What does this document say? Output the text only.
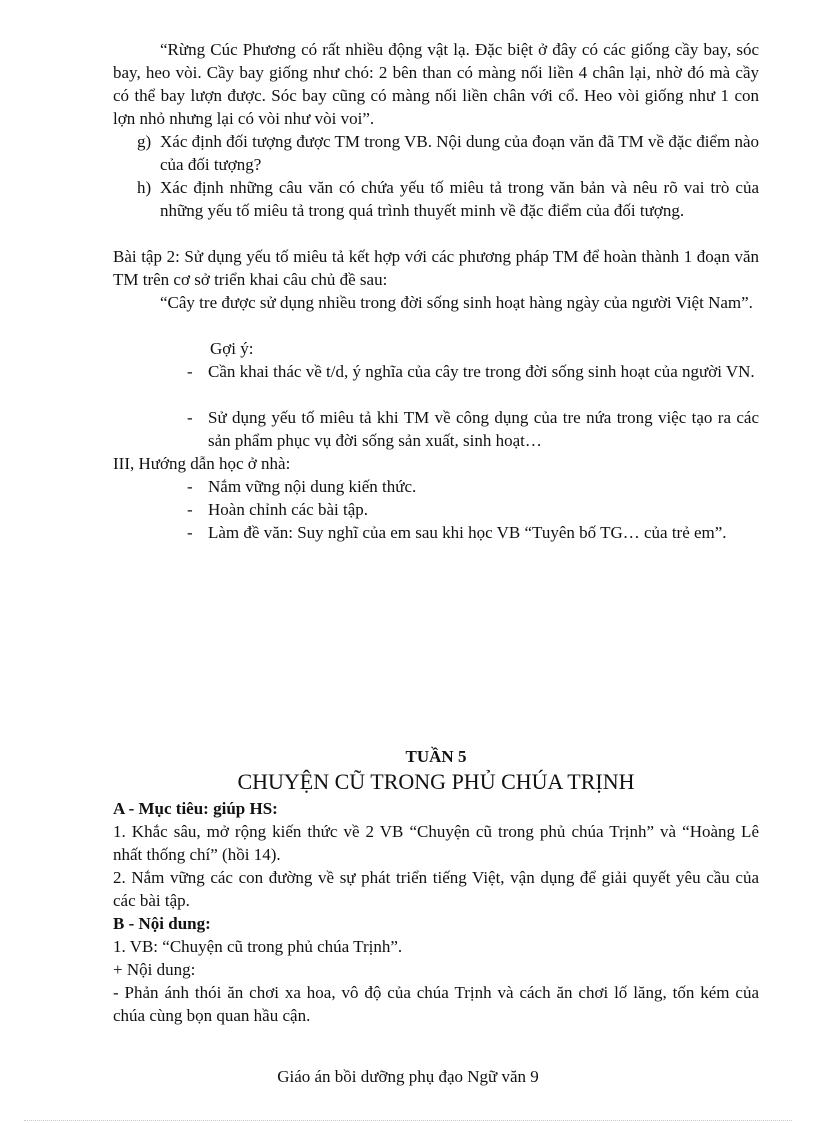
“Rừng Cúc Phương có rất nhiều động vật lạ. Đặc biệt ở đây có các giống cầy bay, sóc bay, heo vòi. Cầy bay giống như chó: 2 bên than có màng nối liền 4 chân lại, nhờ đó mà cầy có thể bay lượn được. Sóc bay cũng có màng nối liền chân với cổ. Heo vòi giống như 1 con lợn nhỏ nhưng lại có vòi như vòi voi”.
g) Xác định đối tượng được TM trong VB. Nội dung của đoạn văn đã TM về đặc điểm nào của đối tượng?
h) Xác định những câu văn có chứa yếu tố miêu tả trong văn bản và nêu rõ vai trò của những yếu tố miêu tả trong quá trình thuyết minh về đặc điểm của đối tượng.
Bài tập 2: Sử dụng yếu tố miêu tả kết hợp với các phương pháp TM để hoàn thành 1 đoạn văn TM trên cơ sở triển khai câu chủ đề sau:
“Cây tre được sử dụng nhiều trong đời sống sinh hoạt hàng ngày của người Việt Nam”.
Gợi ý:
- Cần khai thác về t/d, ý nghĩa của cây tre trong đời sống sinh hoạt của người VN.
- Sử dụng yếu tố miêu tả khi TM về công dụng của tre nứa trong việc tạo ra các sản phẩm phục vụ đời sống sản xuất, sinh hoạt…
III, Hướng dẫn học ở nhà:
- Nắm vững nội dung kiến thức.
- Hoàn chỉnh các bài tập.
- Làm đề văn: Suy nghĩ của em sau khi học VB “Tuyên bố TG… của trẻ em”.
TUẦN 5
CHUYỆN CŨ TRONG PHỦ CHÚA TRỊNH
A - Mục tiêu: giúp HS:
1. Khắc sâu, mở rộng kiến thức về 2 VB “Chuyện cũ trong phủ chúa Trịnh” và “Hoàng Lê nhất thống chí” (hồi 14).
2. Nắm vững các con đường về sự phát triển tiếng Việt, vận dụng để giải quyết yêu cầu của các bài tập.
B - Nội dung:
1. VB: “Chuyện cũ trong phủ chúa Trịnh”.
+ Nội dung:
- Phản ánh thói ăn chơi xa hoa, vô độ của chúa Trịnh và cách ăn chơi lố lăng, tốn kém của chúa cùng bọn quan hầu cận.
Giáo án bồi dưỡng phụ đạo Ngữ văn 9
